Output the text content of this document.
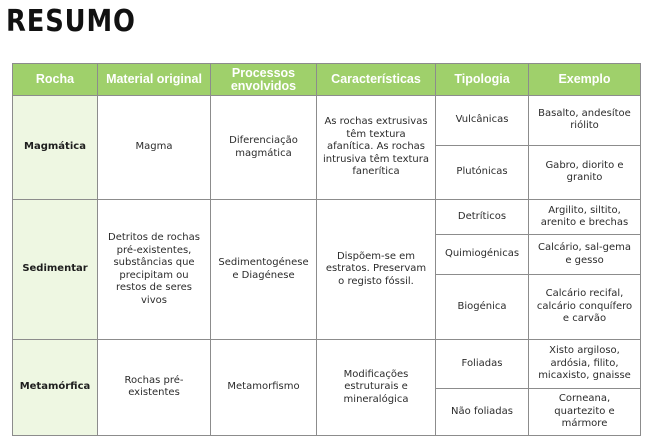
RESUMO
Rocha	Material original	Processos envolvidos	Características	Tipologia	Exemplo
Magmática	Magma	Diferenciação magmática	As rochas extrusivas têm textura afanítica. As rochas intrusiva têm textura fanerítica	Vulcânicas	Basalto, andesítoe riólito
				Plutónicas	Gabro, diorito e granito
Sedimentar	Detritos de rochas pré-existentes, substâncias que precipitam ou restos de seres vivos	Sedimentogénese e Diagénese	Dispõem-se em estratos. Preservam o registo fóssil.	Detríticos	Argilito, siltito, arenito e brechas
				Quimiogénicas	Calcário, sal-gema e gesso
				Biogénica	Calcário recifal, calcário conquífero e carvão
Metamórfica	Rochas pré-existentes	Metamorfismo	Modificações estruturais e mineralógica	Foliadas	Xisto argiloso, ardósia, filito, micaxisto, gnaisse
				Não foliadas	Corneana, quartezito e mármore
